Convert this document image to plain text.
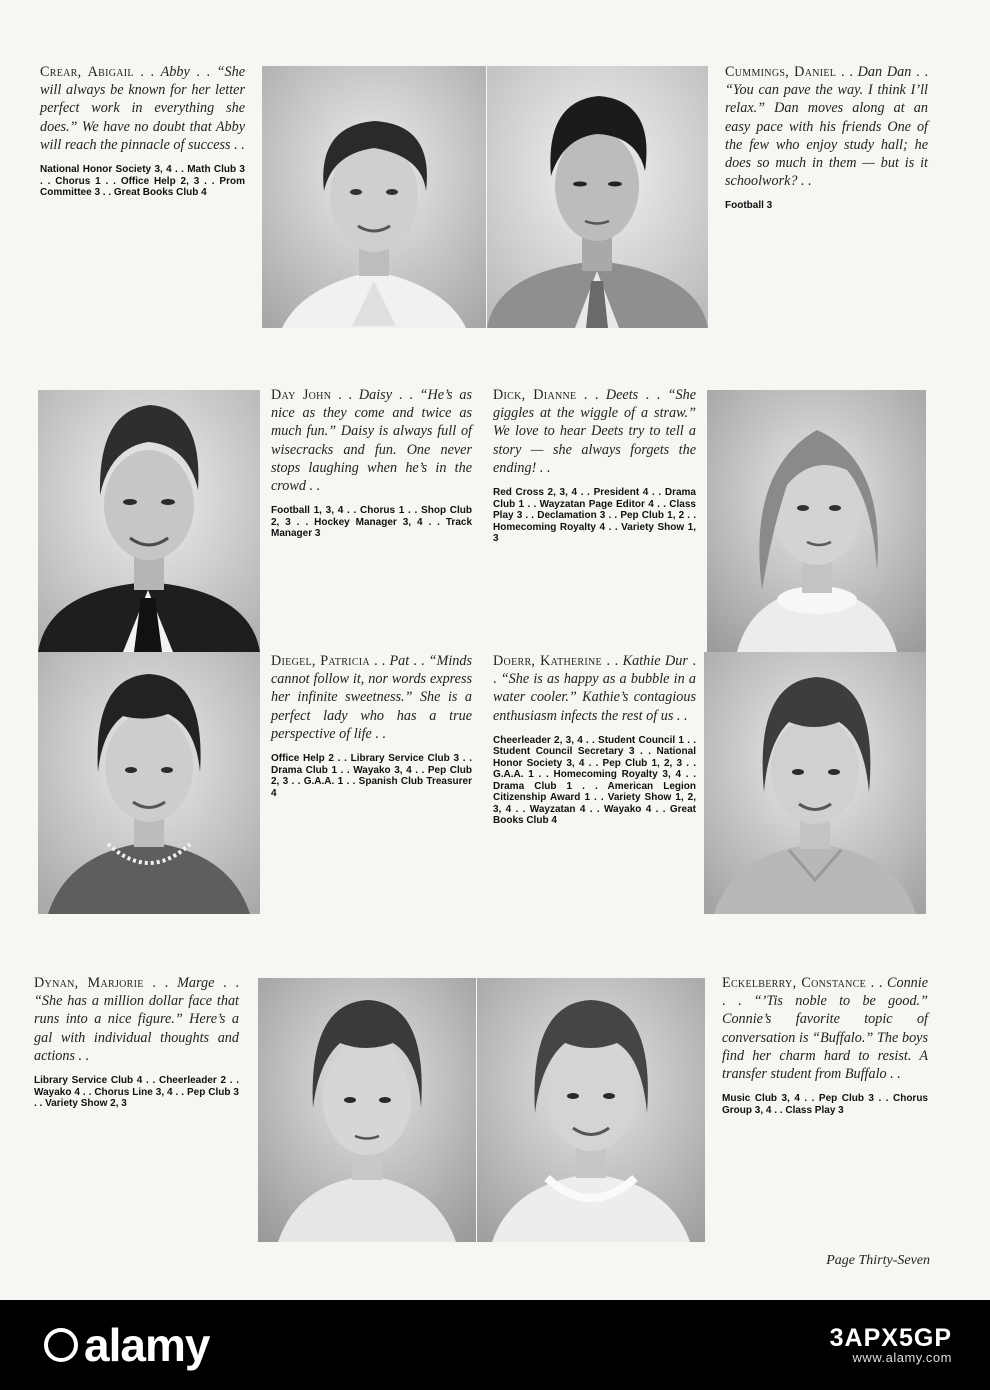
Crear, Abigail . . Abby . . “She will always be known for her letter perfect work in everything she does.” We have no doubt that Abby will reach the pinnacle of success . .

National Honor Society 3, 4 . . Math Club 3 . . Chorus 1 . . Office Help 2, 3 . . Prom Committee 3 . . Great Books Club 4

Cummings, Daniel . . Dan Dan . . “You can pave the way. I think I’ll relax.” Dan moves along at an easy pace with his friends One of the few who enjoy study hall; he does so much in them — but is it schoolwork? . .

Football 3

Day John . . Daisy . . “He’s as nice as they come and twice as much fun.” Daisy is always full of wisecracks and fun. One never stops laughing when he’s in the crowd . .

Football 1, 3, 4 . . Chorus 1 . . Shop Club 2, 3 . . Hockey Manager 3, 4 . . Track Manager 3

Dick, Dianne . . Deets . . “She giggles at the wiggle of a straw.” We love to hear Deets try to tell a story — she always forgets the ending! . .

Red Cross 2, 3, 4 . . President 4 . . Drama Club 1 . . Wayzatan Page Editor 4 . . Class Play 3 . . Declamation 3 . . Pep Club 1, 2 . . Homecoming Royalty 4 . . Variety Show 1, 3

Diegel, Patricia . . Pat . . “Minds cannot follow it, nor words express her infinite sweetness.” She is a perfect lady who has a true perspective of life . .

Office Help 2 . . Library Service Club 3 . . Drama Club 1 . . Wayako 3, 4 . . Pep Club 2, 3 . . G.A.A. 1 . . Spanish Club Treasurer 4

Doerr, Katherine . . Kathie Dur . . “She is as happy as a bubble in a water cooler.” Kathie’s contagious enthusiasm infects the rest of us . .

Cheerleader 2, 3, 4 . . Student Council 1 . . Student Council Secretary 3 . . National Honor Society 3, 4 . . Pep Club 1, 2, 3 . . G.A.A. 1 . . Homecoming Royalty 3, 4 . . Drama Club 1 . . American Legion Citizenship Award 1 . . Variety Show 1, 2, 3, 4 . . Wayzatan 4 . . Wayako 4 . . Great Books Club 4

Dynan, Marjorie . . Marge . . “She has a million dollar face that runs into a nice figure.” Here’s a gal with individual thoughts and actions . .

Library Service Club 4 . . Cheerleader 2 . . Wayako 4 . . Chorus Line 3, 4 . . Pep Club 3 . . Variety Show 2, 3

Eckelberry, Constance . . Connie . . “’Tis noble to be good.” Connie’s favorite topic of conversation is “Buffalo.” The boys find her charm hard to resist. A transfer student from Buffalo . .

Music Club 3, 4 . . Pep Club 3 . . Chorus Group 3, 4 . . Class Play 3

Page Thirty-Seven
alamy	3APX5GP
www.alamy.com
